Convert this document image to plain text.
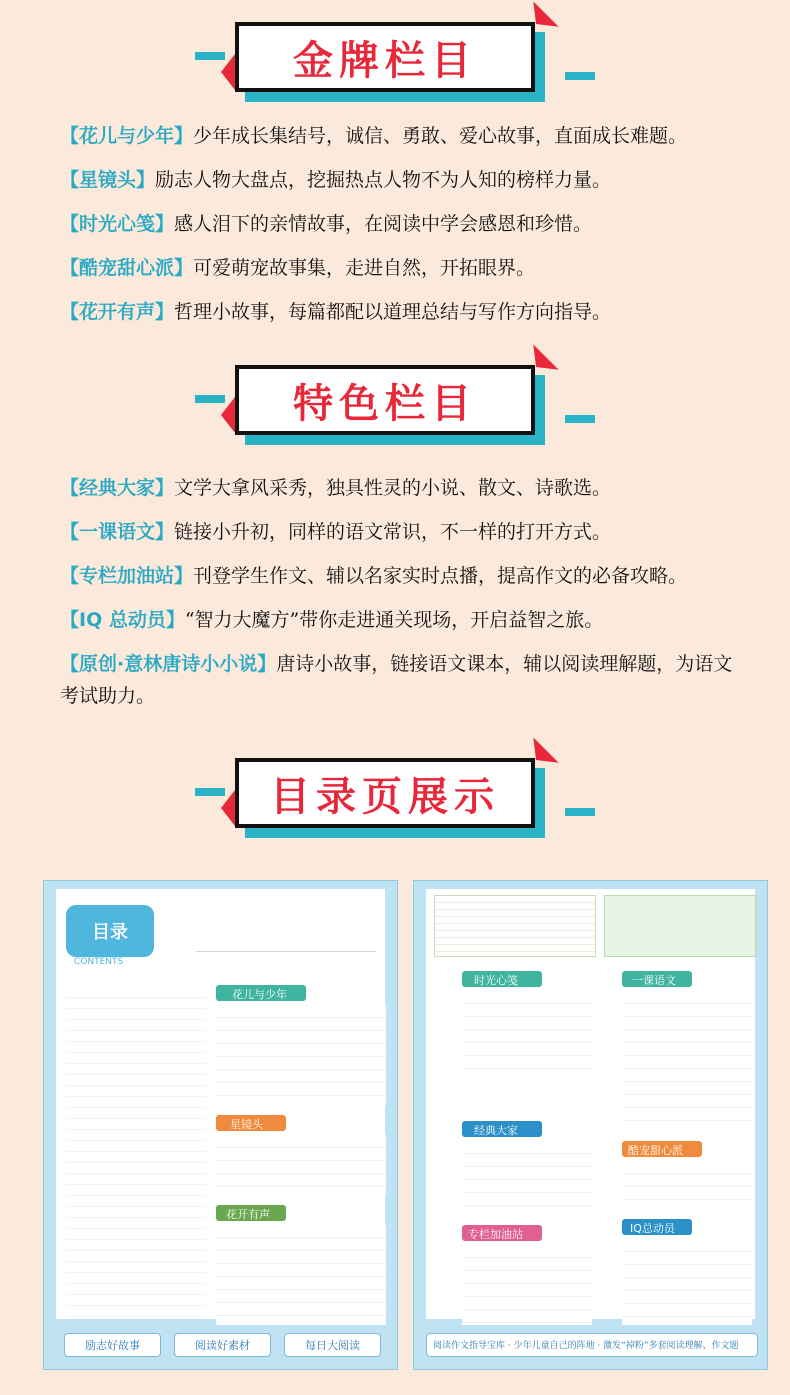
金牌栏目
【花儿与少年】少年成长集结号，诚信、勇敢、爱心故事，直面成长难题。
【星镜头】励志人物大盘点，挖掘热点人物不为人知的榜样力量。
【时光心笺】感人泪下的亲情故事，在阅读中学会感恩和珍惜。
【酷宠甜心派】可爱萌宠故事集，走进自然，开拓眼界。
【花开有声】哲理小故事，每篇都配以道理总结与写作方向指导。
特色栏目
【经典大家】文学大拿风采秀，独具性灵的小说、散文、诗歌选。
【一课语文】链接小升初，同样的语文常识，不一样的打开方式。
【专栏加油站】刊登学生作文、辅以名家实时点播，提高作文的必备攻略。
【IQ 总动员】“智力大魔方”带你走进通关现场，开启益智之旅。
【原创·意林唐诗小小说】唐诗小故事，链接语文课本，辅以阅读理解题，为语文考试助力。
目录页展示
目录
CONTENTS
花儿与少年
星镜头
花开有声
励志好故事	阅读好素材	每日大阅读
时光心笺
经典大家
专栏加油站
一课语文
酷宠甜心派
IQ总动员
阅读作文指导宝库 · 少年儿童自己的阵地 · 激发“掉粉”多套阅读理解、作文题
